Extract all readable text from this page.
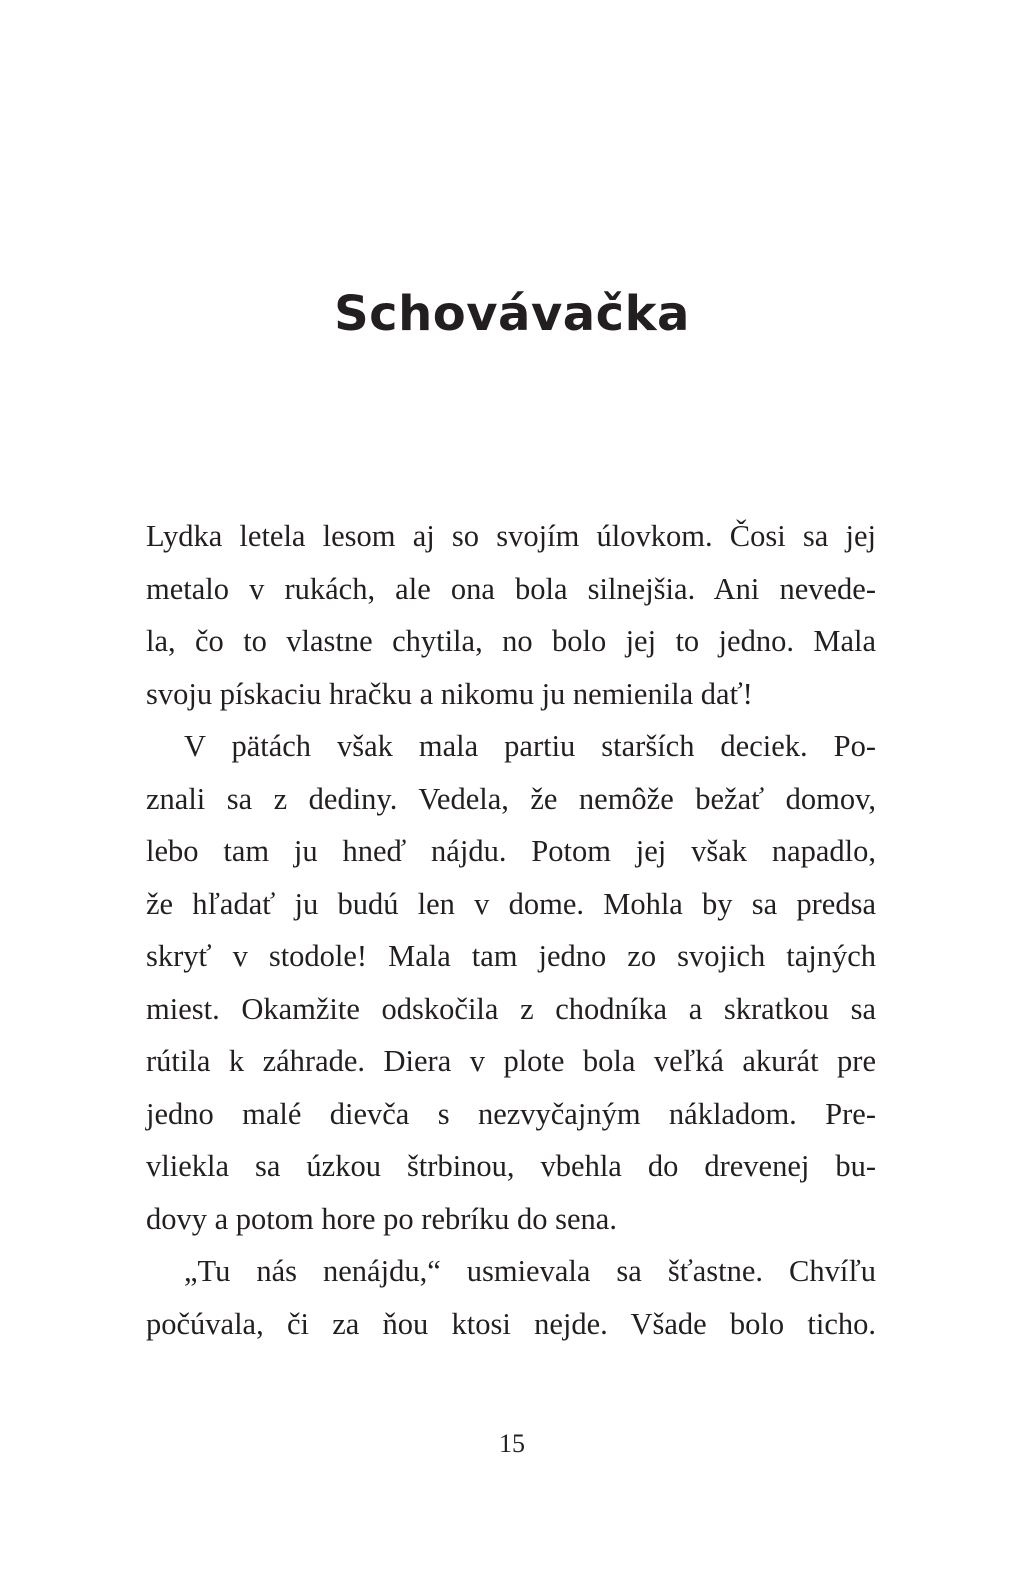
Schovávačka
Lydka letela lesom aj so svojím úlovkom. Čosi sa jej
metalo v rukách, ale ona bola silnejšia. Ani nevede-
la, čo to vlastne chytila, no bolo jej to jedno. Mala
svoju pískaciu hračku a nikomu ju nemienila dať!
V pätách však mala partiu starších deciek. Po-
znali sa z dediny. Vedela, že nemôže bežať domov,
lebo tam ju hneď nájdu. Potom jej však napadlo,
že hľadať ju budú len v dome. Mohla by sa predsa
skryť v stodole! Mala tam jedno zo svojich tajných
miest. Okamžite odskočila z chodníka a skratkou sa
rútila k záhrade. Diera v plote bola veľká akurát pre
jedno malé dievča s nezvyčajným nákladom. Pre-
vliekla sa úzkou štrbinou, vbehla do drevenej bu-
dovy a potom hore po rebríku do sena.
„Tu nás nenájdu,“ usmievala sa šťastne. Chvíľu
počúvala, či za ňou ktosi nejde. Všade bolo ticho.
15
